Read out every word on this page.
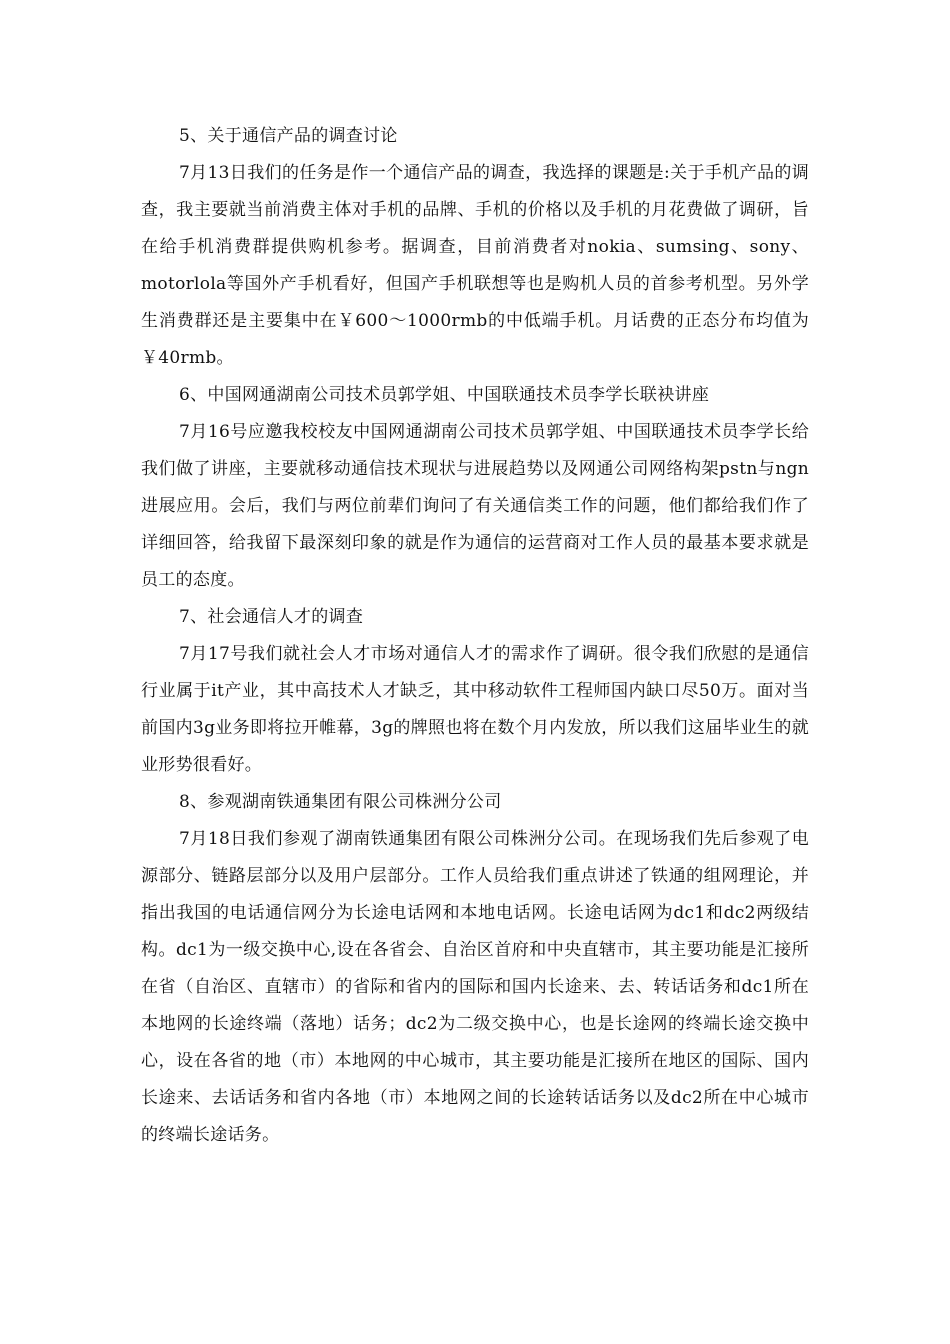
5、关于通信产品的调查讨论

7月13日我们的任务是作一个通信产品的调查，我选择的课题是:关于手机产品的调查，我主要就当前消费主体对手机的品牌、手机的价格以及手机的月花费做了调研，旨在给手机消费群提供购机参考。据调查，目前消费者对nokia、sumsing、sony、motorlola等国外产手机看好，但国产手机联想等也是购机人员的首参考机型。另外学生消费群还是主要集中在￥600～1000rmb的中低端手机。月话费的正态分布均值为￥40rmb。

6、中国网通湖南公司技术员郭学姐、中国联通技术员李学长联袂讲座

7月16号应邀我校校友中国网通湖南公司技术员郭学姐、中国联通技术员李学长给我们做了讲座，主要就移动通信技术现状与进展趋势以及网通公司网络构架pstn与ngn进展应用。会后，我们与两位前辈们询问了有关通信类工作的问题，他们都给我们作了详细回答，给我留下最深刻印象的就是作为通信的运营商对工作人员的最基本要求就是员工的态度。

7、社会通信人才的调查

7月17号我们就社会人才市场对通信人才的需求作了调研。很令我们欣慰的是通信行业属于it产业，其中高技术人才缺乏，其中移动软件工程师国内缺口尽50万。面对当前国内3g业务即将拉开帷幕，3g的牌照也将在数个月内发放，所以我们这届毕业生的就业形势很看好。

8、参观湖南铁通集团有限公司株洲分公司

7月18日我们参观了湖南铁通集团有限公司株洲分公司。在现场我们先后参观了电源部分、链路层部分以及用户层部分。工作人员给我们重点讲述了铁通的组网理论，并指出我国的电话通信网分为长途电话网和本地电话网。长途电话网为dc1和dc2两级结构。dc1为一级交换中心,设在各省会、自治区首府和中央直辖市，其主要功能是汇接所在省（自治区、直辖市）的省际和省内的国际和国内长途来、去、转话话务和dc1所在本地网的长途终端（落地）话务；dc2为二级交换中心，也是长途网的终端长途交换中心，设在各省的地（市）本地网的中心城市，其主要功能是汇接所在地区的国际、国内长途来、去话话务和省内各地（市）本地网之间的长途转话话务以及dc2所在中心城市的终端长途话务。
